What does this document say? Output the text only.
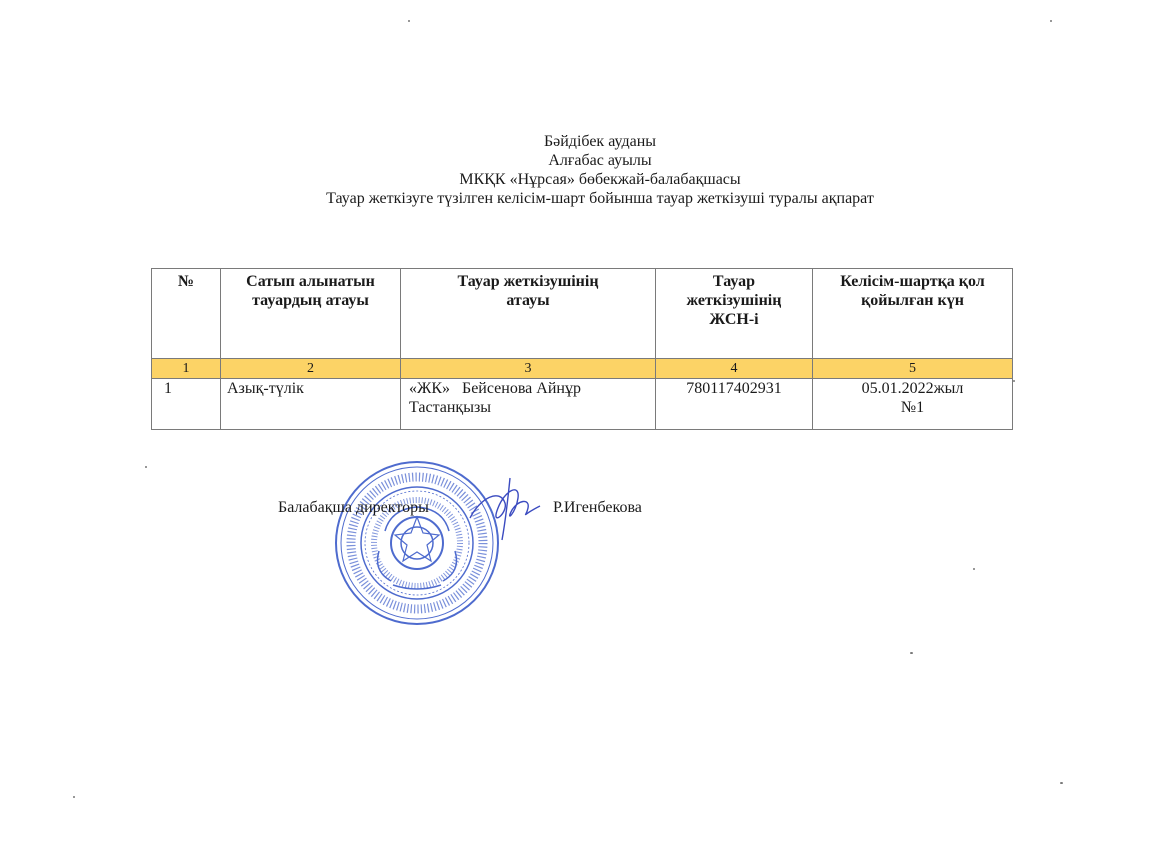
Бәйдібек ауданы
Алғабас ауылы
МКҚК «Нұрсая» бөбекжай-балабақшасы
Тауар жеткізуге түзілген келісім-шарт бойынша тауар жеткізуші туралы ақпарат
№	Сатып алынатын тауардың атауы	Тауар жеткізушінің атауы	Тауар жеткізушінің ЖСН-і	Келісім-шартқа қол қойылған күн
1	2	3	4	5
1	Азық-түлік	«ЖК»   Бейсенова Айнұр Тастанқызы	780117402931	05.01.2022жыл
№1
Балабақша директоры	Р.Игенбекова
